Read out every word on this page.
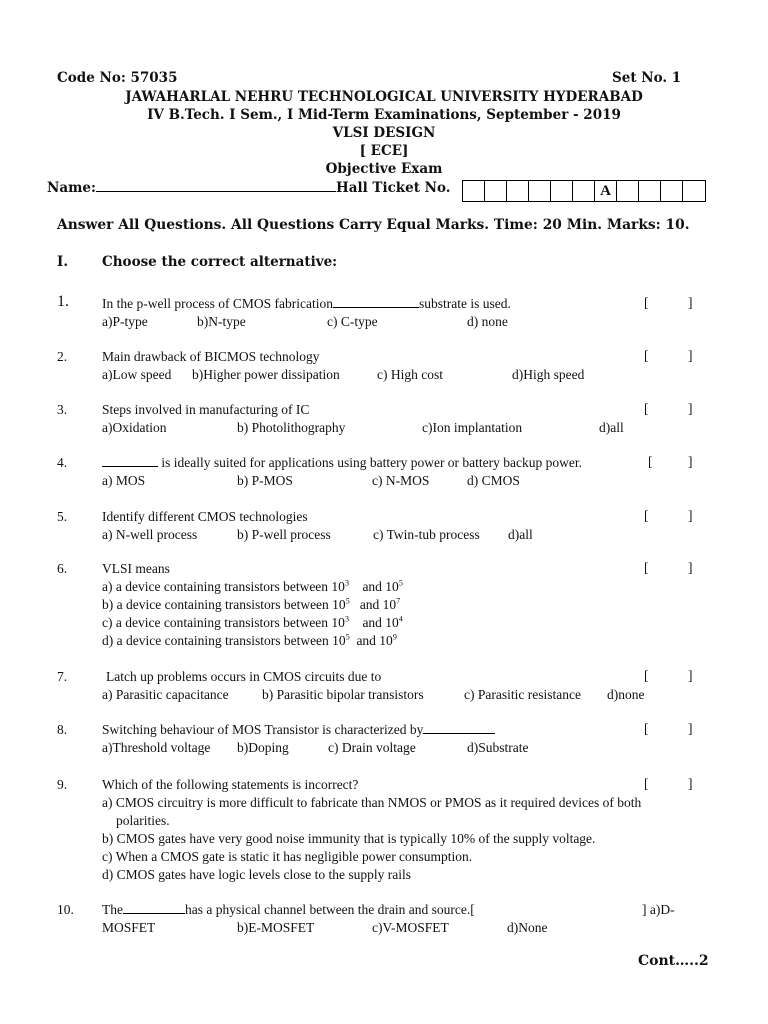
Code No: 57035	Set No. 1
JAWAHARLAL NEHRU TECHNOLOGICAL UNIVERSITY HYDERABAD
IV B.Tech. I Sem., I Mid-Term Examinations, September - 2019
VLSI DESIGN
[ ECE]
Objective Exam
Name:	Hall Ticket No.	A
Answer All Questions. All Questions Carry Equal Marks. Time: 20 Min. Marks: 10.
I.	Choose the correct alternative:
1. In the p-well process of CMOS fabrication	substrate is used.
a)P-type	b)N-type	c) C-type	d) none
[	]
2.	Main drawback of BICMOS technology
a)Low speed b)Higher power dissipation	c) High cost	d)High speed
[	]
3.	Steps involved in manufacturing of IC
a)Oxidation	b) Photolithography	c)Ion implantation	d)all
[	]
4.	is ideally suited for applications using battery power or battery backup power.
a) MOS	b) P-MOS	c) N-MOS	d) CMOS
[	]
5.	Identify different CMOS technologies
a) N-well process	b) P-well process	c) Twin-tub process d)all
[	]
6.	VLSI means	[	]
a) a device containing transistors between $10^3$ and $10^5$
b) a device containing transistors between $10^5$ and $10^7$
c) a device containing transistors between $10^3$ and $10^4$
d) a device containing transistors between $10^5$ and $10^9$
7.	Latch up problems occurs in CMOS circuits due to
a) Parasitic capacitance b) Parasitic bipolar transistors	c) Parasitic resistance d)none
[	]
8.	Switching behaviour of MOS Transistor is characterized by
a)Threshold voltage b)Doping	c) Drain voltage	d)Substrate
[	]
9.	Which of the following statements is incorrect?	[	]
a) CMOS circuitry is more difficult to fabricate than NMOS or PMOS as it required devices of both
polarities.
b) CMOS gates have very good noise immunity that is typically 10% of the supply voltage.
c) When a CMOS gate is static it has negligible power consumption.
d) CMOS gates have logic levels close to the supply rails
10. The	has a physical channel between the drain and source.[	] a)D-
MOSFET	b)E-MOSFET	c)V-MOSFET	d)None
Cont…..2
